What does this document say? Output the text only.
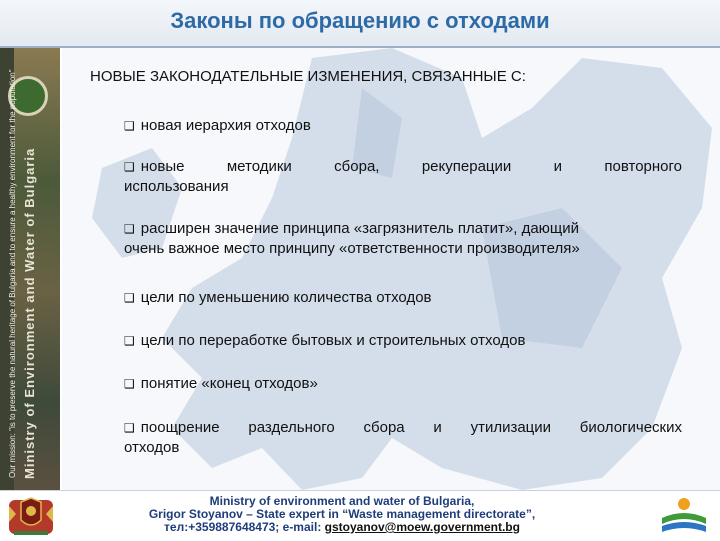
Законы по обращению с отходами
Ministry of Environment and Water of Bulgaria
Our mission: "is to preserve the natural heritage of Bulgaria and to ensure a healthy environment for the population"	НОВЫЕ ЗАКОНОДАТЕЛЬНЫЕ ИЗМЕНЕНИЯ, СВЯЗАННЫЕ С:
❑ новая иерархия отходов
❑ новые методики сбора, рекуперации и повторного
использования
❑ расширен значение принципа «загрязнитель платит», дающий
очень важное место принципу «ответственности производителя»
❑ цели по уменьшению количества отходов
❑ цели по переработке бытовых и строительных отходов
❑ понятие «конец отходов»
❑ поощрение раздельного сбора и утилизации биологических
отходов
Ministry of environment and water of Bulgaria,
Grigor Stoyanov – State expert in “Waste management directorate”,
тел:+359887648473; e-mail: gstoyanov@moew.government.bg
